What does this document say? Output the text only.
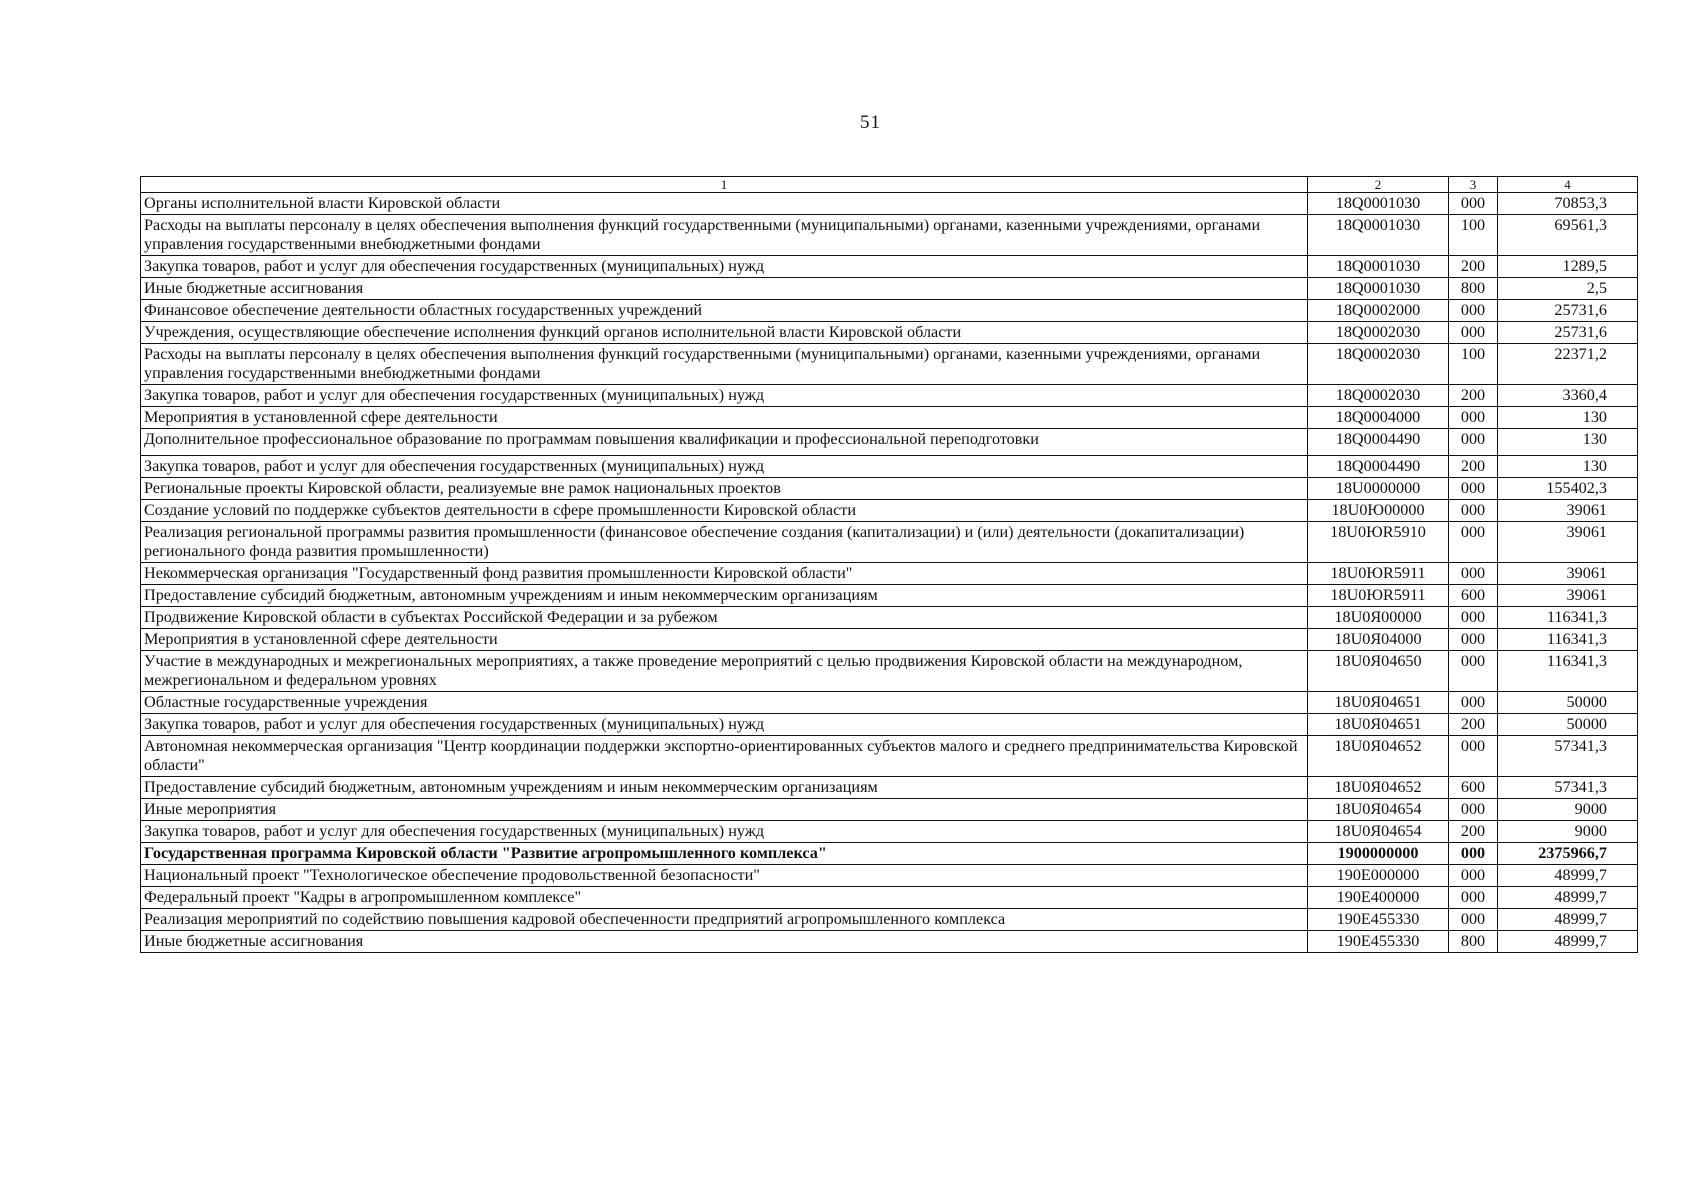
51
1	2	3	4
Органы исполнительной власти Кировской области	18Q0001030	000	70853,3
Расходы на выплаты персоналу в целях обеспечения выполнения функций государственными (муниципальными) органами, казенными учреждениями, органами управления государственными внебюджетными фондами	18Q0001030	100	69561,3
Закупка товаров, работ и услуг для обеспечения государственных (муниципальных) нужд	18Q0001030	200	1289,5
Иные бюджетные ассигнования	18Q0001030	800	2,5
Финансовое обеспечение деятельности областных государственных учреждений	18Q0002000	000	25731,6
Учреждения, осуществляющие обеспечение исполнения функций органов исполнительной власти Кировской области	18Q0002030	000	25731,6
Расходы на выплаты персоналу в целях обеспечения выполнения функций государственными (муниципальными) органами, казенными учреждениями, органами управления государственными внебюджетными фондами	18Q0002030	100	22371,2
Закупка товаров, работ и услуг для обеспечения государственных (муниципальных) нужд	18Q0002030	200	3360,4
Мероприятия в установленной сфере деятельности	18Q0004000	000	130
Дополнительное профессиональное образование по программам повышения квалификации и профессиональной переподготовки	18Q0004490	000	130
Закупка товаров, работ и услуг для обеспечения государственных (муниципальных) нужд	18Q0004490	200	130
Региональные проекты Кировской области, реализуемые вне рамок национальных проектов	18U0000000	000	155402,3
Создание условий по поддержке субъектов деятельности в сфере промышленности Кировской области	18U0Ю00000	000	39061
Реализация региональной программы развития промышленности (финансовое обеспечение создания (капитализации) и (или) деятельности (докапитализации) регионального фонда развития промышленности)	18U0ЮR5910	000	39061
Некоммерческая организация "Государственный фонд развития промышленности Кировской области"	18U0ЮR5911	000	39061
Предоставление субсидий бюджетным, автономным учреждениям и иным некоммерческим организациям	18U0ЮR5911	600	39061
Продвижение Кировской области в субъектах Российской Федерации и за рубежом	18U0Я00000	000	116341,3
Мероприятия в установленной сфере деятельности	18U0Я04000	000	116341,3
Участие в международных и межрегиональных мероприятиях, а также проведение мероприятий с целью продвижения Кировской области на международном, межрегиональном и федеральном уровнях	18U0Я04650	000	116341,3
Областные государственные учреждения	18U0Я04651	000	50000
Закупка товаров, работ и услуг для обеспечения государственных (муниципальных) нужд	18U0Я04651	200	50000
Автономная некоммерческая организация "Центр координации поддержки экспортно-ориентированных субъектов малого и среднего предпринимательства Кировской области"	18U0Я04652	000	57341,3
Предоставление субсидий бюджетным, автономным учреждениям и иным некоммерческим организациям	18U0Я04652	600	57341,3
Иные мероприятия	18U0Я04654	000	9000
Закупка товаров, работ и услуг для обеспечения государственных (муниципальных) нужд	18U0Я04654	200	9000
Государственная программа Кировской области "Развитие агропромышленного комплекса"	1900000000	000	2375966,7
Национальный проект "Технологическое обеспечение продовольственной безопасности"	190E000000	000	48999,7
Федеральный проект "Кадры в агропромышленном комплексе"	190E400000	000	48999,7
Реализация мероприятий по содействию повышения кадровой обеспеченности предприятий агропромышленного комплекса	190E455330	000	48999,7
Иные бюджетные ассигнования	190E455330	800	48999,7
